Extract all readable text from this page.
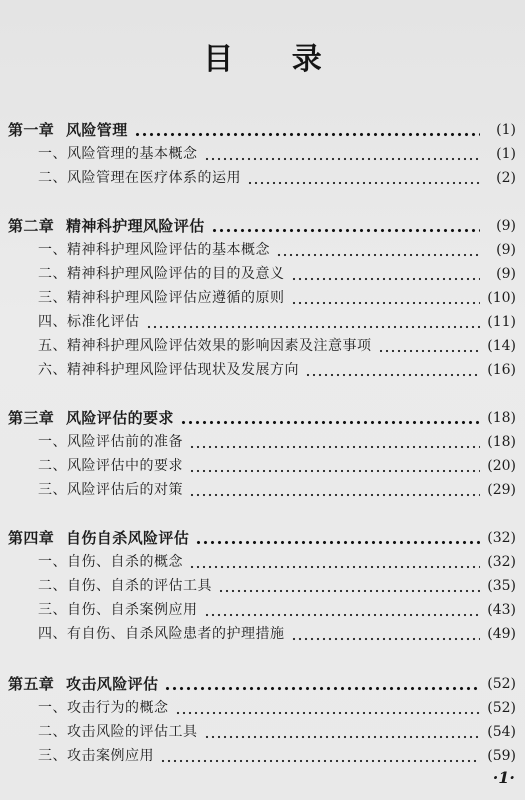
目 录
第一章 风险管理	(1)
一、风险管理的基本概念	(1)
二、风险管理在医疗体系的运用	(2)
第二章 精神科护理风险评估	(9)
一、精神科护理风险评估的基本概念	(9)
二、精神科护理风险评估的目的及意义	(9)
三、精神科护理风险评估应遵循的原则	(10)
四、标准化评估	(11)
五、精神科护理风险评估效果的影响因素及注意事项	(14)
六、精神科护理风险评估现状及发展方向	(16)
第三章 风险评估的要求	(18)
一、风险评估前的准备	(18)
二、风险评估中的要求	(20)
三、风险评估后的对策	(29)
第四章 自伤自杀风险评估	(32)
一、自伤、自杀的概念	(32)
二、自伤、自杀的评估工具	(35)
三、自伤、自杀案例应用	(43)
四、有自伤、自杀风险患者的护理措施	(49)
第五章 攻击风险评估	(52)
一、攻击行为的概念	(52)
二、攻击风险的评估工具	(54)
三、攻击案例应用	(59)
·1·
